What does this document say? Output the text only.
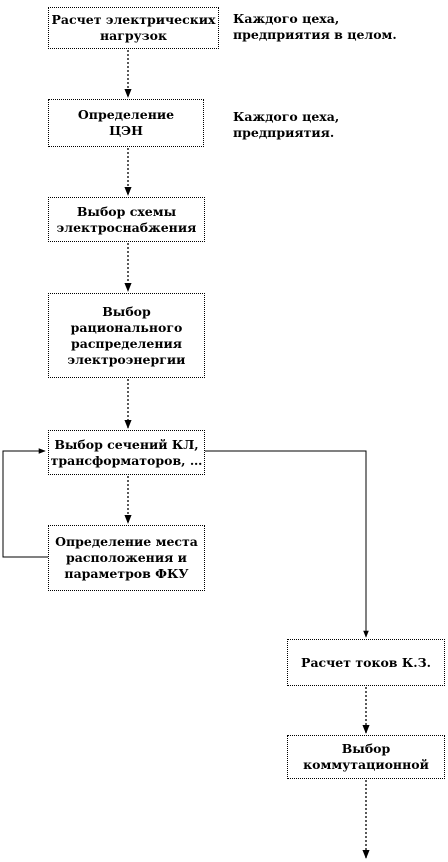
Расчет электрических
нагрузок
Каждого цеха,
предприятия в целом.
Определение
ЦЭН
Каждого цеха,
предприятия.
Выбор схемы
электроснабжения
Выбор
рационального
распределения
электроэнергии
Выбор сечений КЛ,
трансформаторов, …
Определение места
расположения и
параметров ФКУ
Расчет токов К.З.
Выбор
коммутационной
